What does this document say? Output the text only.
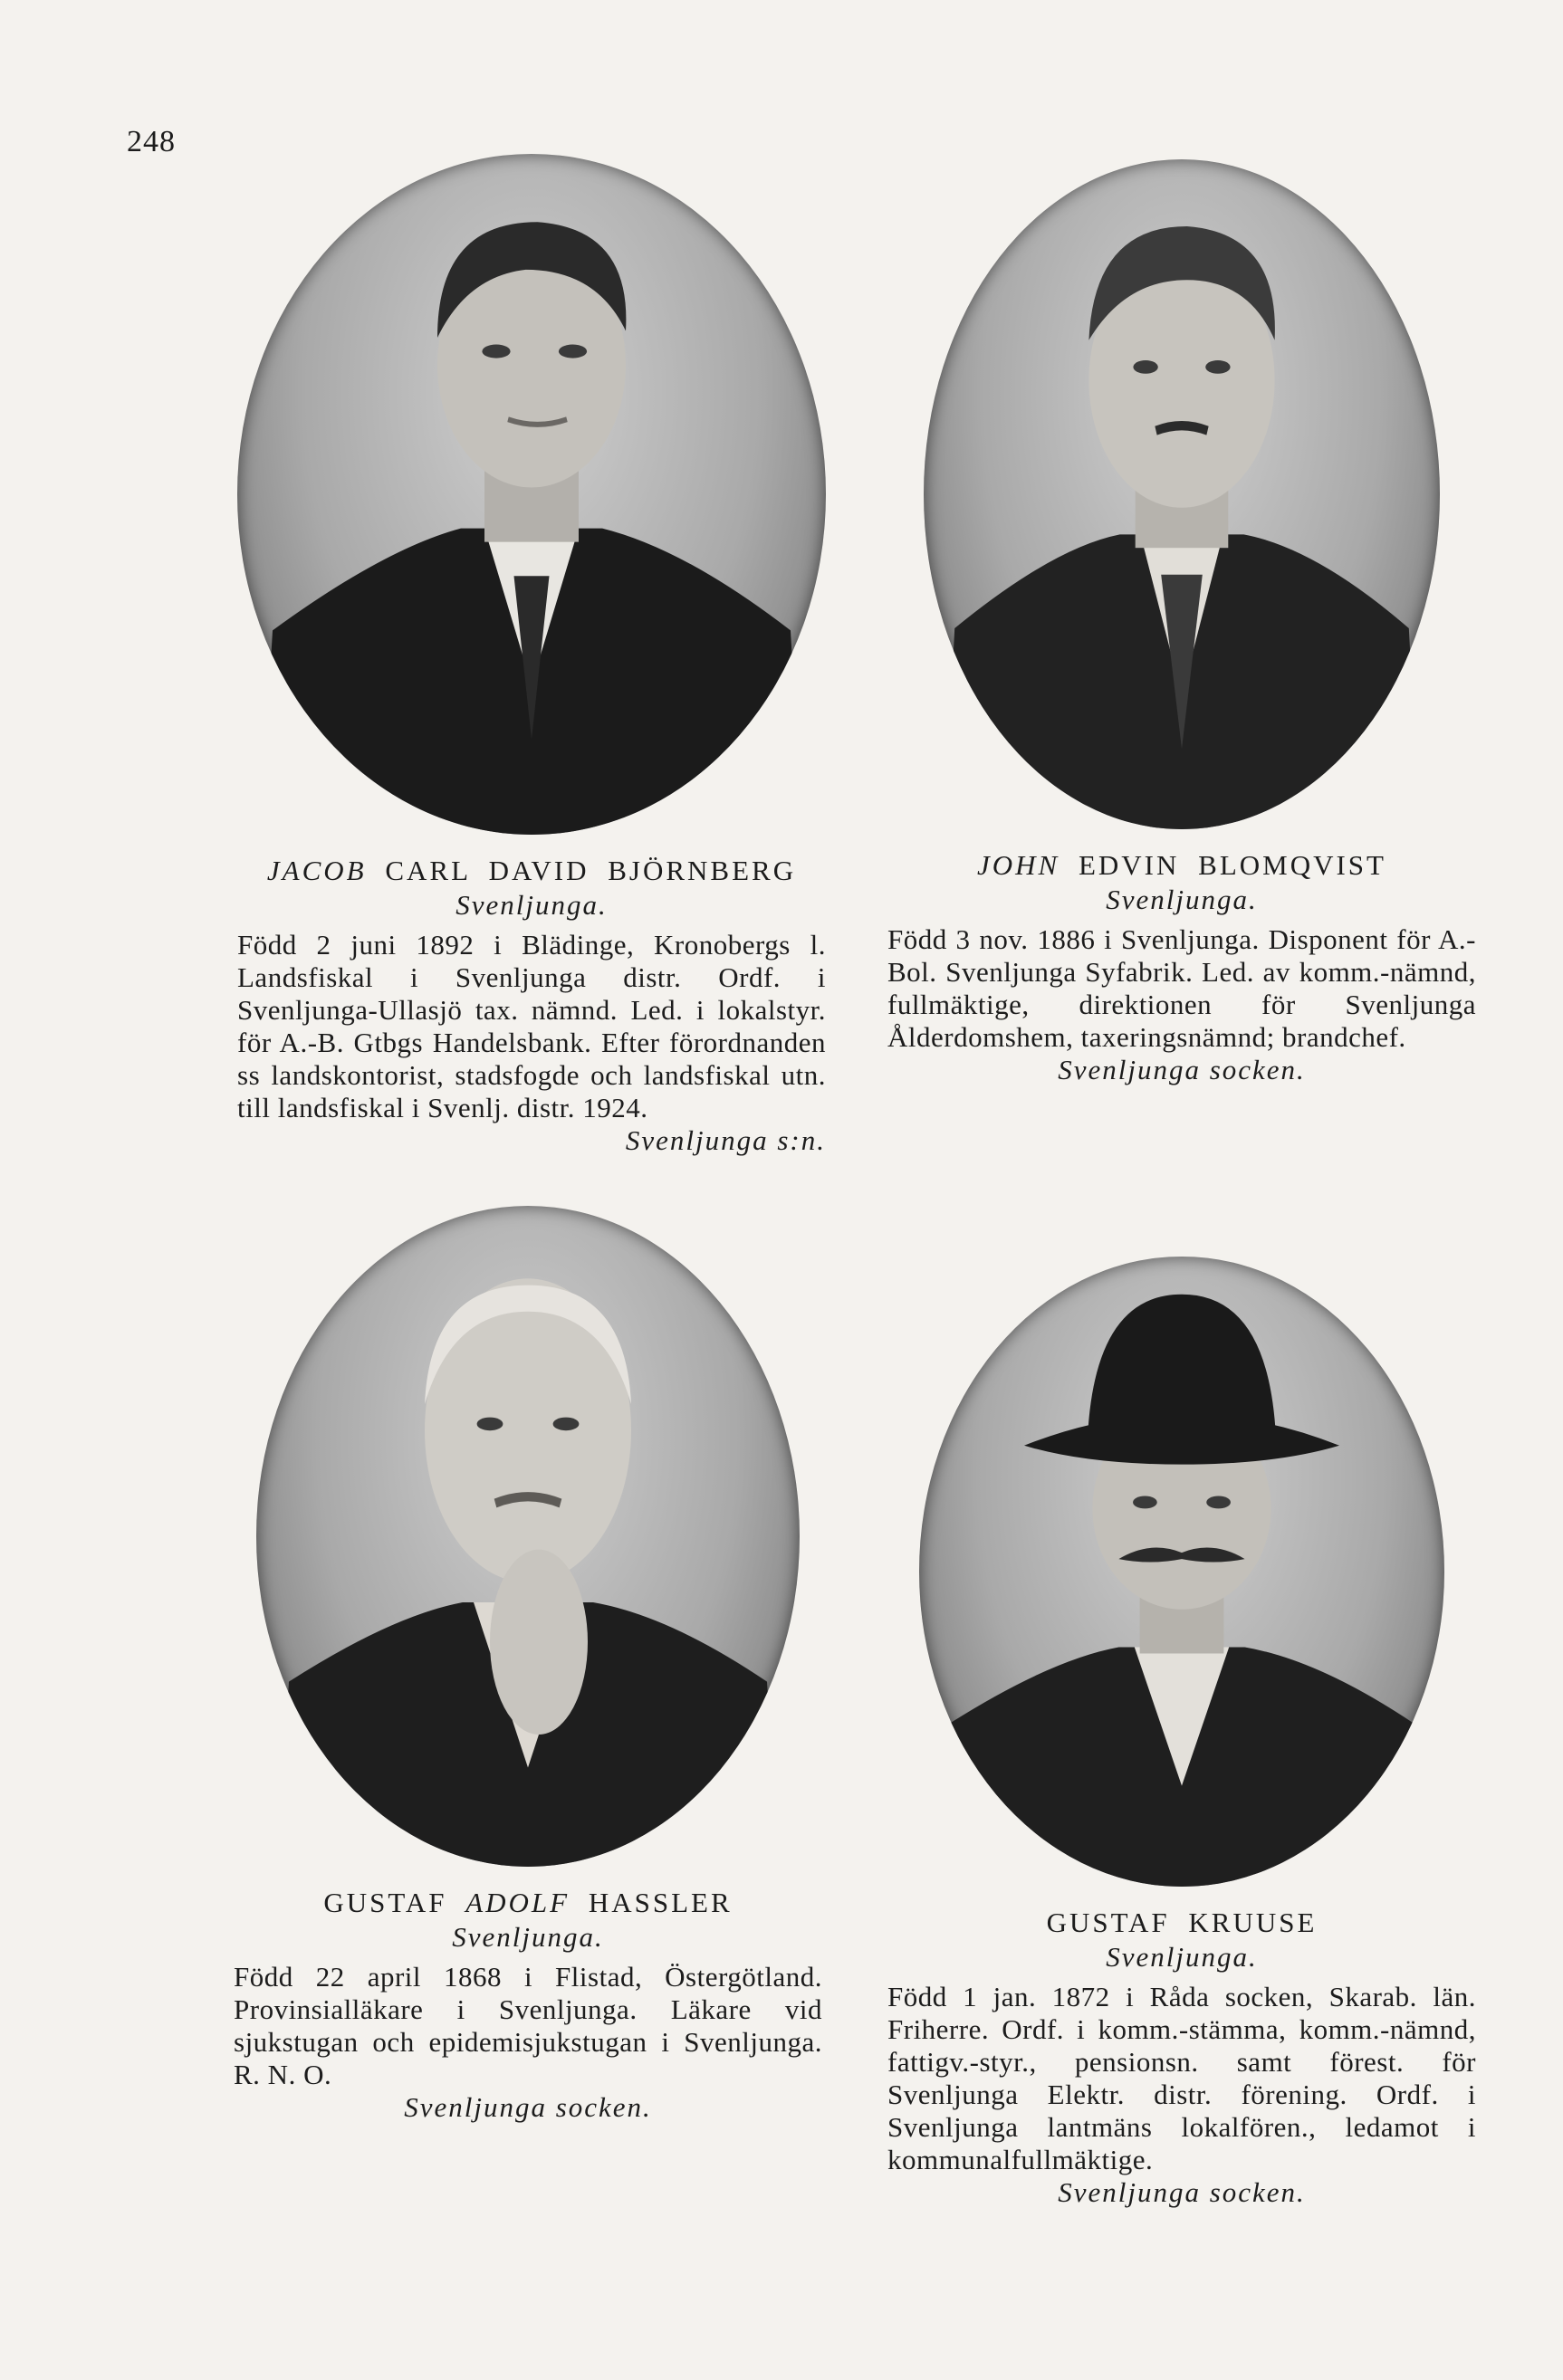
248
JACOB CARL DAVID BJÖRNBERG
Svenljunga.
Född 2 juni 1892 i Blädinge, Kronobergs l. Landsfiskal i Svenljunga distr. Ordf. i Svenljunga-Ullasjö tax. nämnd. Led. i lokalstyr. för A.-B. Gtbgs Handelsbank. Efter förordnanden ss landskontorist, stadsfogde och landsfiskal utn. till landsfiskal i Svenlj. distr. 1924.
Svenljunga s:n.
JOHN EDVIN BLOMQVIST
Svenljunga.
Född 3 nov. 1886 i Svenljunga. Disponent för A.-Bol. Svenljunga Syfabrik. Led. av komm.-nämnd, fullmäktige, direktionen för Svenljunga Ålderdomshem, taxeringsnämnd; brandchef.
Svenljunga socken.
GUSTAF ADOLF HASSLER
Svenljunga.
Född 22 april 1868 i Flistad, Östergötland. Provinsialläkare i Svenljunga. Läkare vid sjukstugan och epidemisjukstugan i Svenljunga. R. N. O.
Svenljunga socken.
GUSTAF KRUUSE
Svenljunga.
Född 1 jan. 1872 i Råda socken, Skarab. län. Friherre. Ordf. i komm.-stämma, komm.-nämnd, fattigv.-styr., pensionsn. samt förest. för Svenljunga Elektr. distr. förening. Ordf. i Svenljunga lantmäns lokalfören., ledamot i kommunalfullmäktige.
Svenljunga socken.
